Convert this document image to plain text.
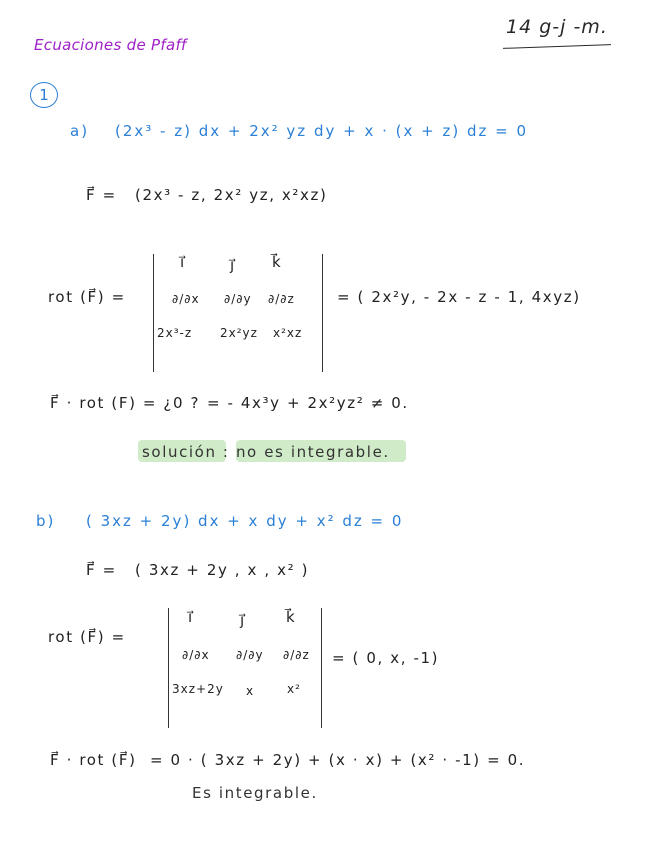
Ecuaciones de Pfaff
14 g-j -m.
1
a) (2x³ - z) dx + 2x² yz dy + x · (x + z) dz = 0
F⃗ = (2x³ - z, 2x² yz, x²xz)
rot (F⃗) =
i⃗	j⃗ k⃗
∂/∂x ∂/∂y ∂/∂z
2x³-z 2x²yz x²xz
= ( 2x²y, - 2x - z - 1, 4xyz)
F⃗ · rot (F) = ¿0 ? = - 4x³y + 2x²yz² ≠ 0.
solución : no es integrable.
b) ( 3xz + 2y) dx + x dy + x² dz = 0
F⃗ = ( 3xz + 2y , x , x² )
rot (F⃗) =
i⃗	j⃗	k⃗
∂/∂x ∂/∂y ∂/∂z
3xz+2y x	x²
= ( 0, x, -1)
F⃗ · rot (F⃗) = 0 · ( 3xz + 2y) + (x · x) + (x² · -1) = 0.
Es integrable.
